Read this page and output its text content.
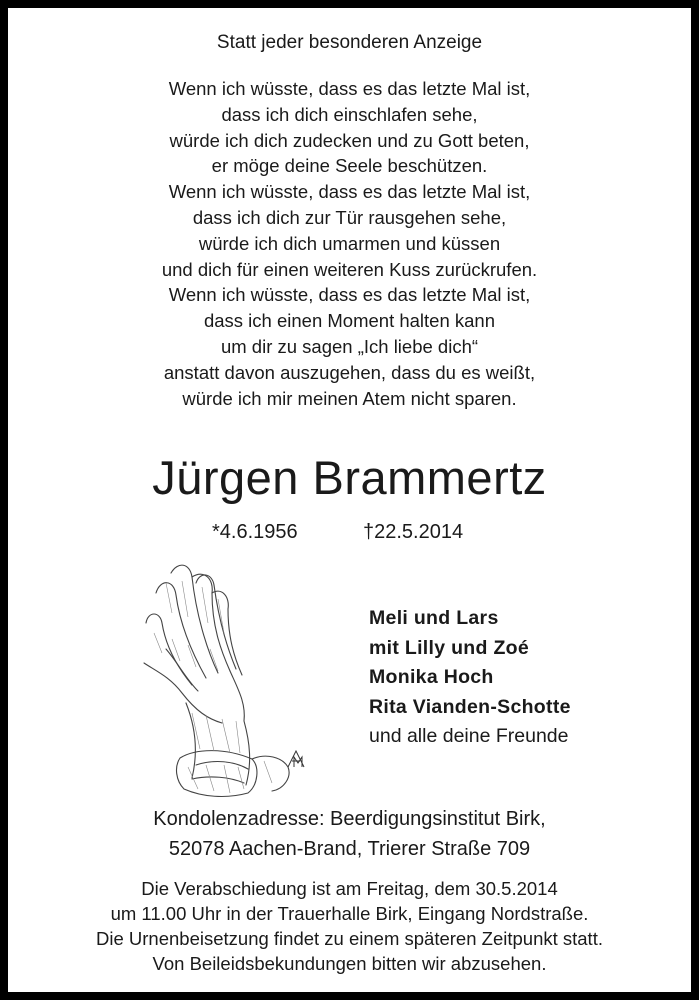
Statt jeder besonderen Anzeige
Wenn ich wüsste, dass es das letzte Mal ist,
dass ich dich einschlafen sehe,
würde ich dich zudecken und zu Gott beten,
er möge deine Seele beschützen.
Wenn ich wüsste, dass es das letzte Mal ist,
dass ich dich zur Tür rausgehen sehe,
würde ich dich umarmen und küssen
und dich für einen weiteren Kuss zurückrufen.
Wenn ich wüsste, dass es das letzte Mal ist,
dass ich einen Moment halten kann
um dir zu sagen „Ich liebe dich“
anstatt davon auszugehen, dass du es weißt,
würde ich mir meinen Atem nicht sparen.
Jürgen Brammertz
*4.6.1956	†22.5.2014
Meli und Lars
mit Lilly und Zoé
Monika Hoch
Rita Vianden-Schotte
und alle deine Freunde
Kondolenzadresse: Beerdigungsinstitut Birk,
52078 Aachen-Brand, Trierer Straße 709
Die Verabschiedung ist am Freitag, dem 30.5.2014
um 11.00 Uhr in der Trauerhalle Birk, Eingang Nordstraße.
Die Urnenbeisetzung findet zu einem späteren Zeitpunkt statt.
Von Beileidsbekundungen bitten wir abzusehen.
